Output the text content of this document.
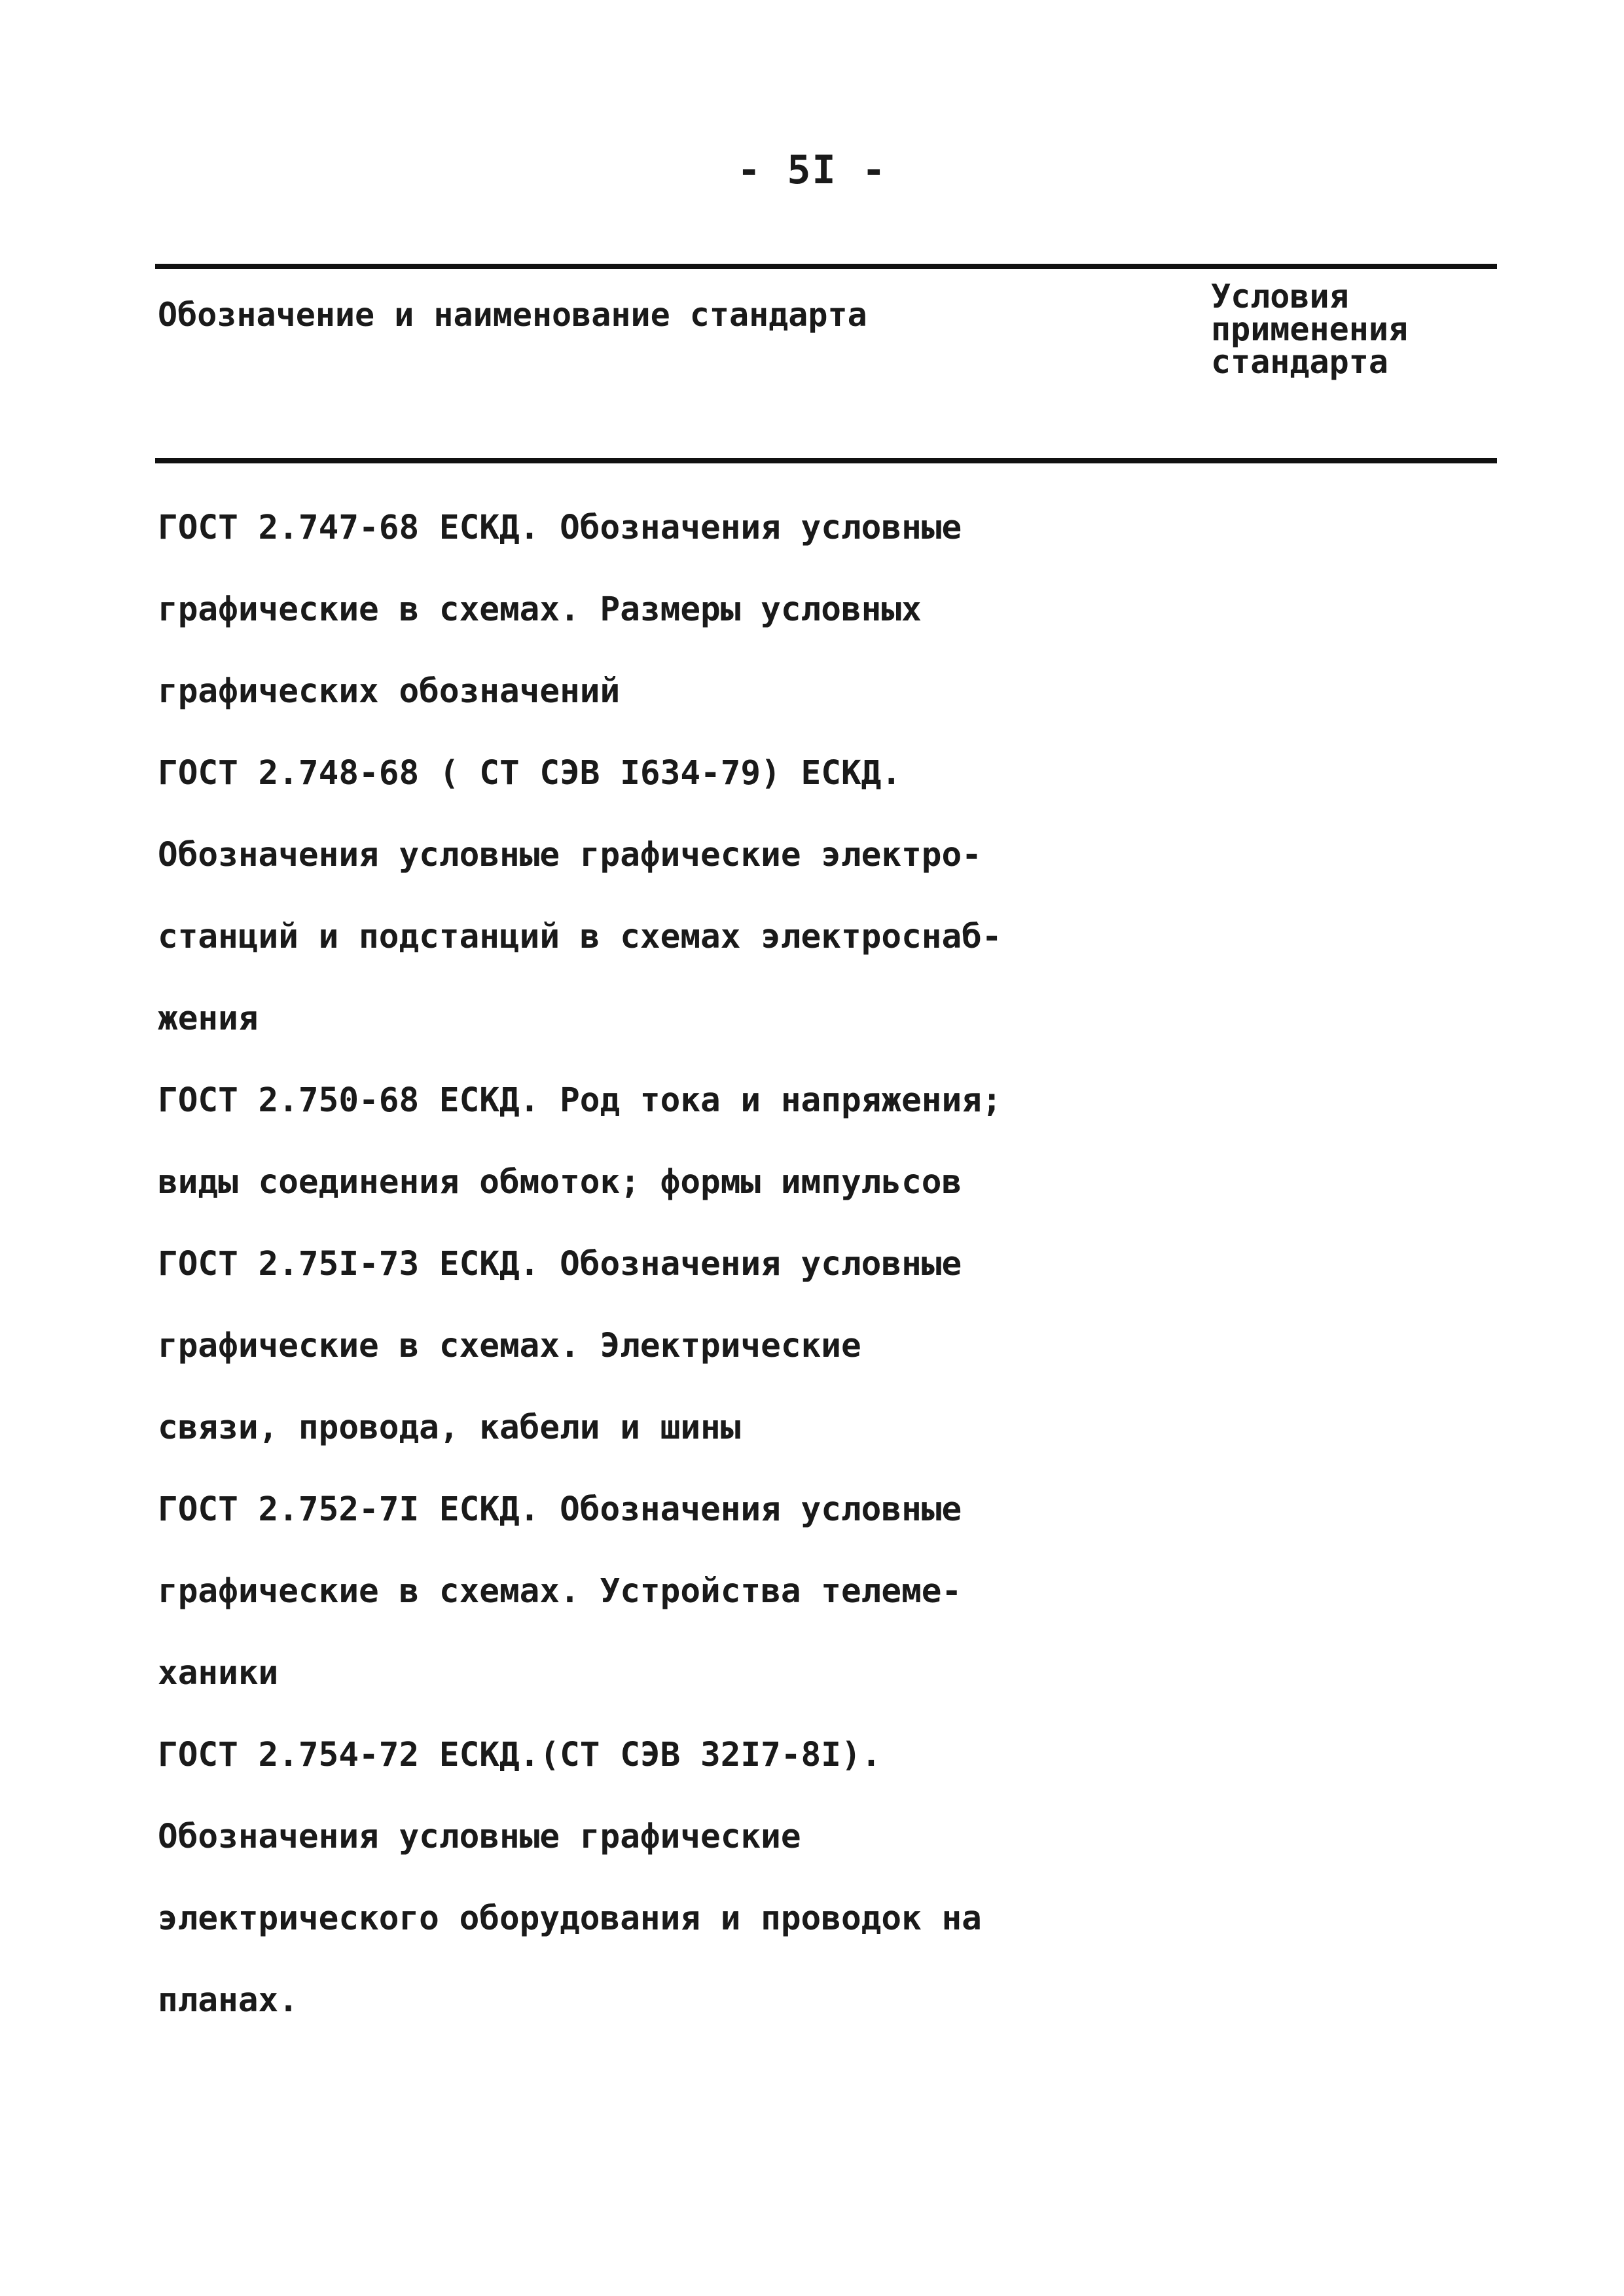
- 5I -
Обозначение и наименование стандарта	Условия
применения
стандарта
ГОСТ 2.747-68 ЕСКД. Обозначения условные
графические в схемах. Размеры условных
графических обозначений
ГОСТ 2.748-68 ( СТ СЭВ I634-79) ЕСКД.
Обозначения условные графические электро-
станций и подстанций в схемах электроснаб-
жения
ГОСТ 2.750-68 ЕСКД. Род тока и напряжения;
виды соединения обмоток; формы импульсов
ГОСТ 2.75I-73 ЕСКД. Обозначения условные
графические в схемах. Электрические
связи, провода, кабели и шины
ГОСТ 2.752-7I ЕСКД. Обозначения условные
графические в схемах. Устройства телеме-
ханики
ГОСТ 2.754-72 ЕСКД.(СТ СЭВ 32I7-8I).
Обозначения условные графические
электрического оборудования и проводок на
планах.
